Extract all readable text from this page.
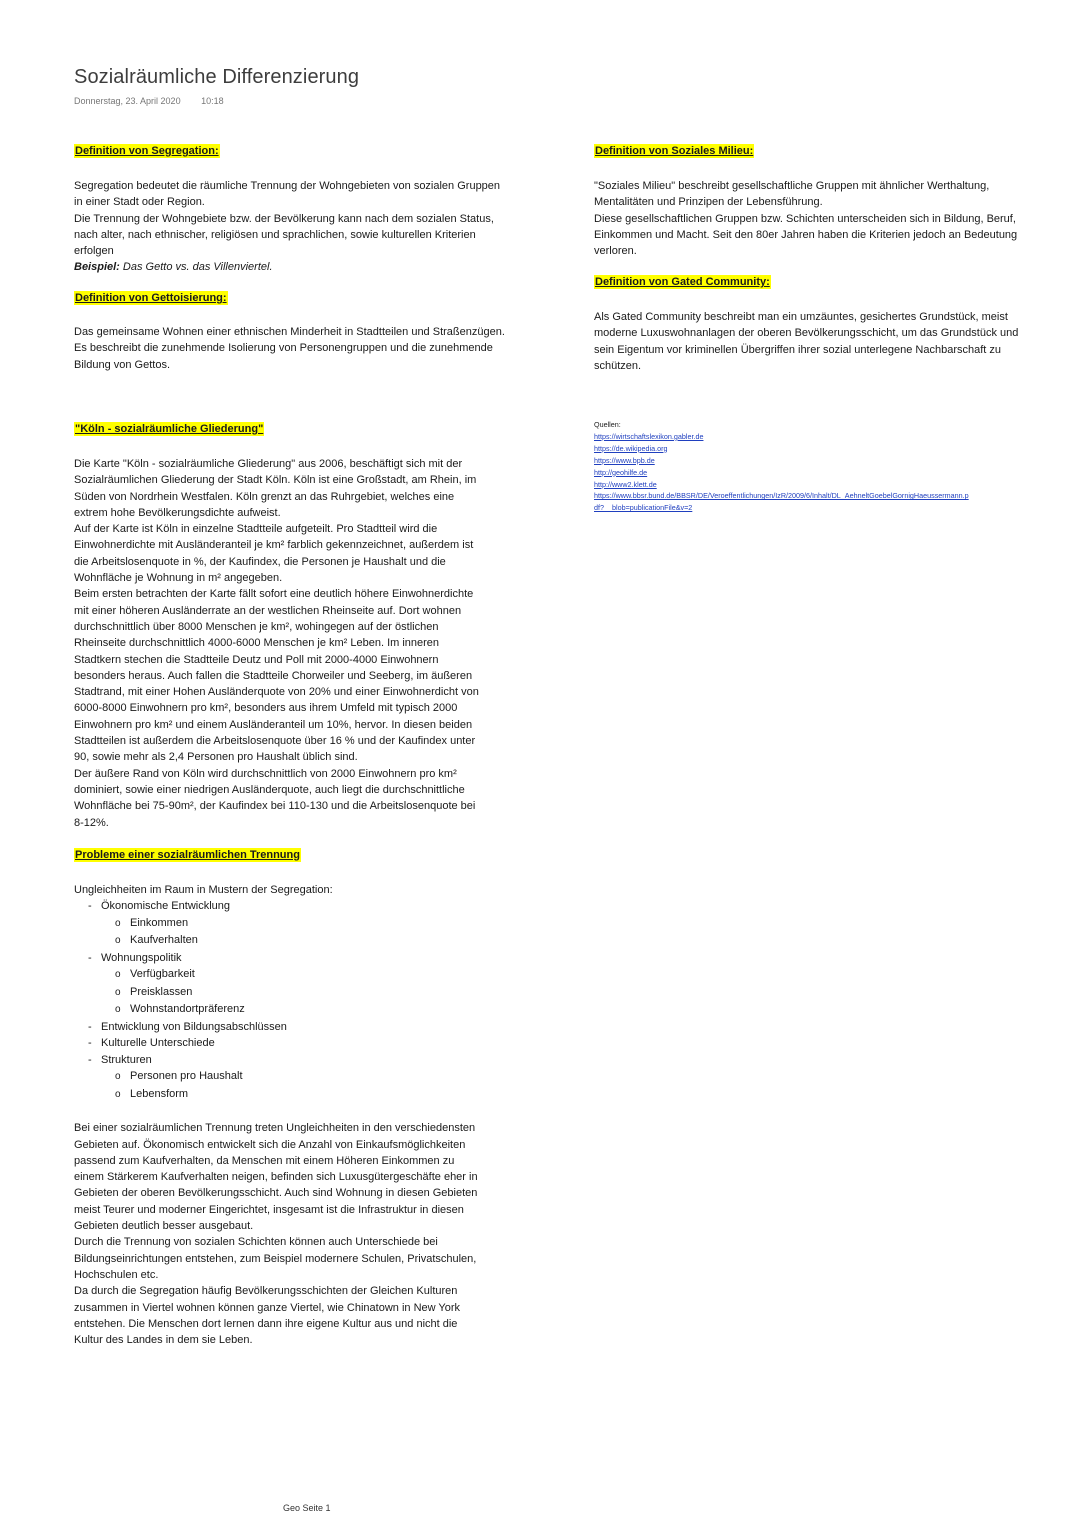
Sozialräumliche Differenzierung
Donnerstag, 23. April 2020 10:18
Definition von Segregation:

Segregation bedeutet die räumliche Trennung der Wohngebieten von sozialen Gruppen
in einer Stadt oder Region.
Die Trennung der Wohngebiete bzw. der Bevölkerung kann nach dem sozialen Status,
nach alter, nach ethnischer, religiösen und sprachlichen, sowie kulturellen Kriterien
erfolgen

Beispiel: Das Getto vs. das Villenviertel.

Definition von Gettoisierung:

Das gemeinsame Wohnen einer ethnischen Minderheit in Stadtteilen und Straßenzügen.
Es beschreibt die zunehmende Isolierung von Personengruppen und die zunehmende
Bildung von Gettos.

"Köln - sozialräumliche Gliederung"

Die Karte "Köln - sozialräumliche Gliederung" aus 2006, beschäftigt sich mit der
Sozialräumlichen Gliederung der Stadt Köln. Köln ist eine Großstadt, am Rhein, im
Süden von Nordrhein Westfalen. Köln grenzt an das Ruhrgebiet, welches eine
extrem hohe Bevölkerungsdichte aufweist.
Auf der Karte ist Köln in einzelne Stadtteile aufgeteilt. Pro Stadtteil wird die
Einwohnerdichte mit Ausländeranteil je km² farblich gekennzeichnet, außerdem ist
die Arbeitslosenquote in %, der Kaufindex, die Personen je Haushalt und die
Wohnfläche je Wohnung in m² angegeben.
Beim ersten betrachten der Karte fällt sofort eine deutlich höhere Einwohnerdichte
mit einer höheren Ausländerrate an der westlichen Rheinseite auf. Dort wohnen
durchschnittlich über 8000 Menschen je km², wohingegen auf der östlichen
Rheinseite durchschnittlich 4000-6000 Menschen je km² Leben. Im inneren
Stadtkern stechen die Stadtteile Deutz und Poll mit 2000-4000 Einwohnern
besonders heraus. Auch fallen die Stadtteile Chorweiler und Seeberg, im äußeren
Stadtrand, mit einer Hohen Ausländerquote von 20% und einer Einwohnerdicht von
6000-8000 Einwohnern pro km², besonders aus ihrem Umfeld mit typisch 2000
Einwohnern pro km² und einem Ausländeranteil um 10%, hervor. In diesen beiden
Stadtteilen ist außerdem die Arbeitslosenquote über 16 % und der Kaufindex unter
90, sowie mehr als 2,4 Personen pro Haushalt üblich sind.
Der äußere Rand von Köln wird durchschnittlich von 2000 Einwohnern pro km²
dominiert, sowie einer niedrigen Ausländerquote, auch liegt die durchschnittliche
Wohnfläche bei 75-90m², der Kaufindex bei 110-130 und die Arbeitslosenquote bei
8-12%.

Probleme einer sozialräumlichen Trennung

Ungleichheiten im Raum in Mustern der Segregation:

- Ökonomische Entwicklung
o Einkommen
o Kaufverhalten
- Wohnungspolitik
o Verfügbarkeit
o Preisklassen
o Wohnstandortpräferenz
- Entwicklung von Bildungsabschlüssen
- Kulturelle Unterschiede
- Strukturen
o Personen pro Haushalt
o Lebensform

Bei einer sozialräumlichen Trennung treten Ungleichheiten in den verschiedensten
Gebieten auf. Ökonomisch entwickelt sich die Anzahl von Einkaufsmöglichkeiten
passend zum Kaufverhalten, da Menschen mit einem Höheren Einkommen zu
einem Stärkerem Kaufverhalten neigen, befinden sich Luxusgütergeschäfte eher in
Gebieten der oberen Bevölkerungsschicht. Auch sind Wohnung in diesen Gebieten
meist Teurer und moderner Eingerichtet, insgesamt ist die Infrastruktur in diesen
Gebieten deutlich besser ausgebaut.
Durch die Trennung von sozialen Schichten können auch Unterschiede bei
Bildungseinrichtungen entstehen, zum Beispiel modernere Schulen, Privatschulen,
Hochschulen etc.
Da durch die Segregation häufig Bevölkerungsschichten der Gleichen Kulturen
zusammen in Viertel wohnen können ganze Viertel, wie Chinatown in New York
entstehen. Die Menschen dort lernen dann ihre eigene Kultur aus und nicht die
Kultur des Landes in dem sie Leben.

Definition von Soziales Milieu:

"Soziales Milieu" beschreibt gesellschaftliche Gruppen mit ähnlicher Werthaltung,
Mentalitäten und Prinzipen der Lebensführung.
Diese gesellschaftlichen Gruppen bzw. Schichten unterscheiden sich in Bildung, Beruf,
Einkommen und Macht. Seit den 80er Jahren haben die Kriterien jedoch an Bedeutung
verloren.

Definition von Gated Community:

Als Gated Community beschreibt man ein umzäuntes, gesichertes Grundstück, meist
moderne Luxuswohnanlagen der oberen Bevölkerungsschicht, um das Grundstück und
sein Eigentum vor kriminellen Übergriffen ihrer sozial unterlegene Nachbarschaft zu
schützen.

Quellen:
https://wirtschaftslexikon.gabler.de
https://de.wikipedia.org
https://www.bpb.de
http://geohilfe.de
http://www2.klett.de
https://www.bbsr.bund.de/BBSR/DE/Veroeffentlichungen/IzR/2009/6/Inhalt/DL_AehneltGoebelGornigHaeussermann.p
df?__blob=publicationFile&v=2
Geo Seite 1
